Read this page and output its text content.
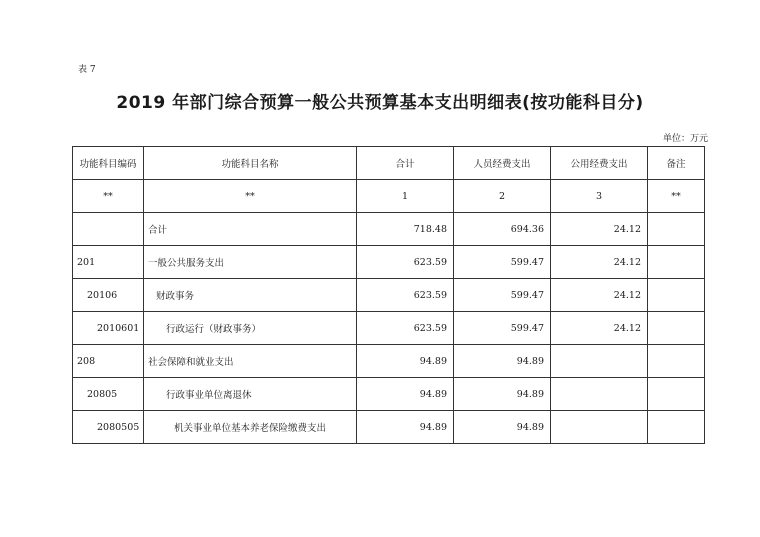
表 7
2019 年部门综合预算一般公共预算基本支出明细表(按功能科目分)
单位：万元
功能科目编码	功能科目名称	合计	人员经费支出	公用经费支出	备注
**	**	1	2	3	**
	合计	718.48	694.36	24.12	
201	一般公共服务支出	623.59	599.47	24.12	
20106	财政事务	623.59	599.47	24.12	
2010601	行政运行（财政事务）	623.59	599.47	24.12	
208	社会保障和就业支出	94.89	94.89		
20805	行政事业单位离退休	94.89	94.89		
2080505	机关事业单位基本养老保险缴费支出	94.89	94.89		
